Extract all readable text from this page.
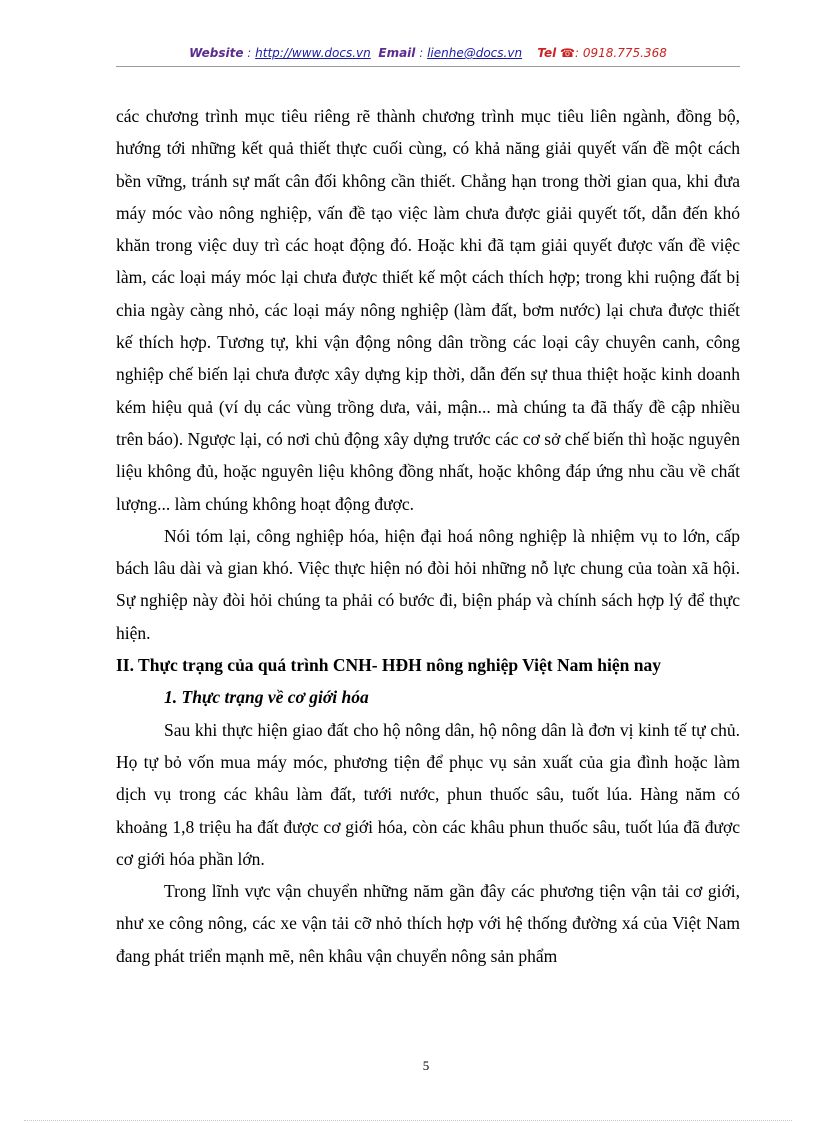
Website : http://www.docs.vn Email : lienhe@docs.vn Tel ☎: 0918.775.368

các chương trình mục tiêu riêng rẽ thành chương trình mục tiêu liên ngành, đồng bộ, hướng tới những kết quả thiết thực cuối cùng, có khả năng giải quyết vấn đề một cách bền vững, tránh sự mất cân đối không cần thiết. Chẳng hạn trong thời gian qua, khi đưa máy móc vào nông nghiệp, vấn đề tạo việc làm chưa được giải quyết tốt, dẫn đến khó khăn trong việc duy trì các hoạt động đó. Hoặc khi đã tạm giải quyết được vấn đề việc làm, các loại máy móc lại chưa được thiết kế một cách thích hợp; trong khi ruộng đất bị chia ngày càng nhỏ, các loại máy nông nghiệp (làm đất, bơm nước) lại chưa được thiết kế thích hợp. Tương tự, khi vận động nông dân trồng các loại cây chuyên canh, công nghiệp chế biến lại chưa được xây dựng kịp thời, dẫn đến sự thua thiệt hoặc kinh doanh kém hiệu quả (ví dụ các vùng trồng dưa, vải, mận... mà chúng ta đã thấy đề cập nhiều trên báo). Ngược lại, có nơi chủ động xây dựng trước các cơ sở chế biến thì hoặc nguyên liệu không đủ, hoặc nguyên liệu không đồng nhất, hoặc không đáp ứng nhu cầu về chất lượng... làm chúng không hoạt động được.

Nói tóm lại, công nghiệp hóa, hiện đại hoá nông nghiệp là nhiệm vụ to lớn, cấp bách lâu dài và gian khó. Việc thực hiện nó đòi hỏi những nỗ lực chung của toàn xã hội. Sự nghiệp này đòi hỏi chúng ta phải có bước đi, biện pháp và chính sách hợp lý để thực hiện.

II. Thực trạng của quá trình CNH- HĐH nông nghiệp Việt Nam hiện nay

1. Thực trạng về cơ giới hóa

Sau khi thực hiện giao đất cho hộ nông dân, hộ nông dân là đơn vị kinh tế tự chủ. Họ tự bỏ vốn mua máy móc, phương tiện để phục vụ sản xuất của gia đình hoặc làm dịch vụ trong các khâu làm đất, tưới nước, phun thuốc sâu, tuốt lúa. Hàng năm có khoảng 1,8 triệu ha đất được cơ giới hóa, còn các khâu phun thuốc sâu, tuốt lúa đã được cơ giới hóa phần lớn.

Trong lĩnh vực vận chuyển những năm gần đây các phương tiện vận tải cơ giới, như xe công nông, các xe vận tải cỡ nhỏ thích hợp với hệ thống đường xá của Việt Nam đang phát triển mạnh mẽ, nên khâu vận chuyển nông sản phẩm

5
